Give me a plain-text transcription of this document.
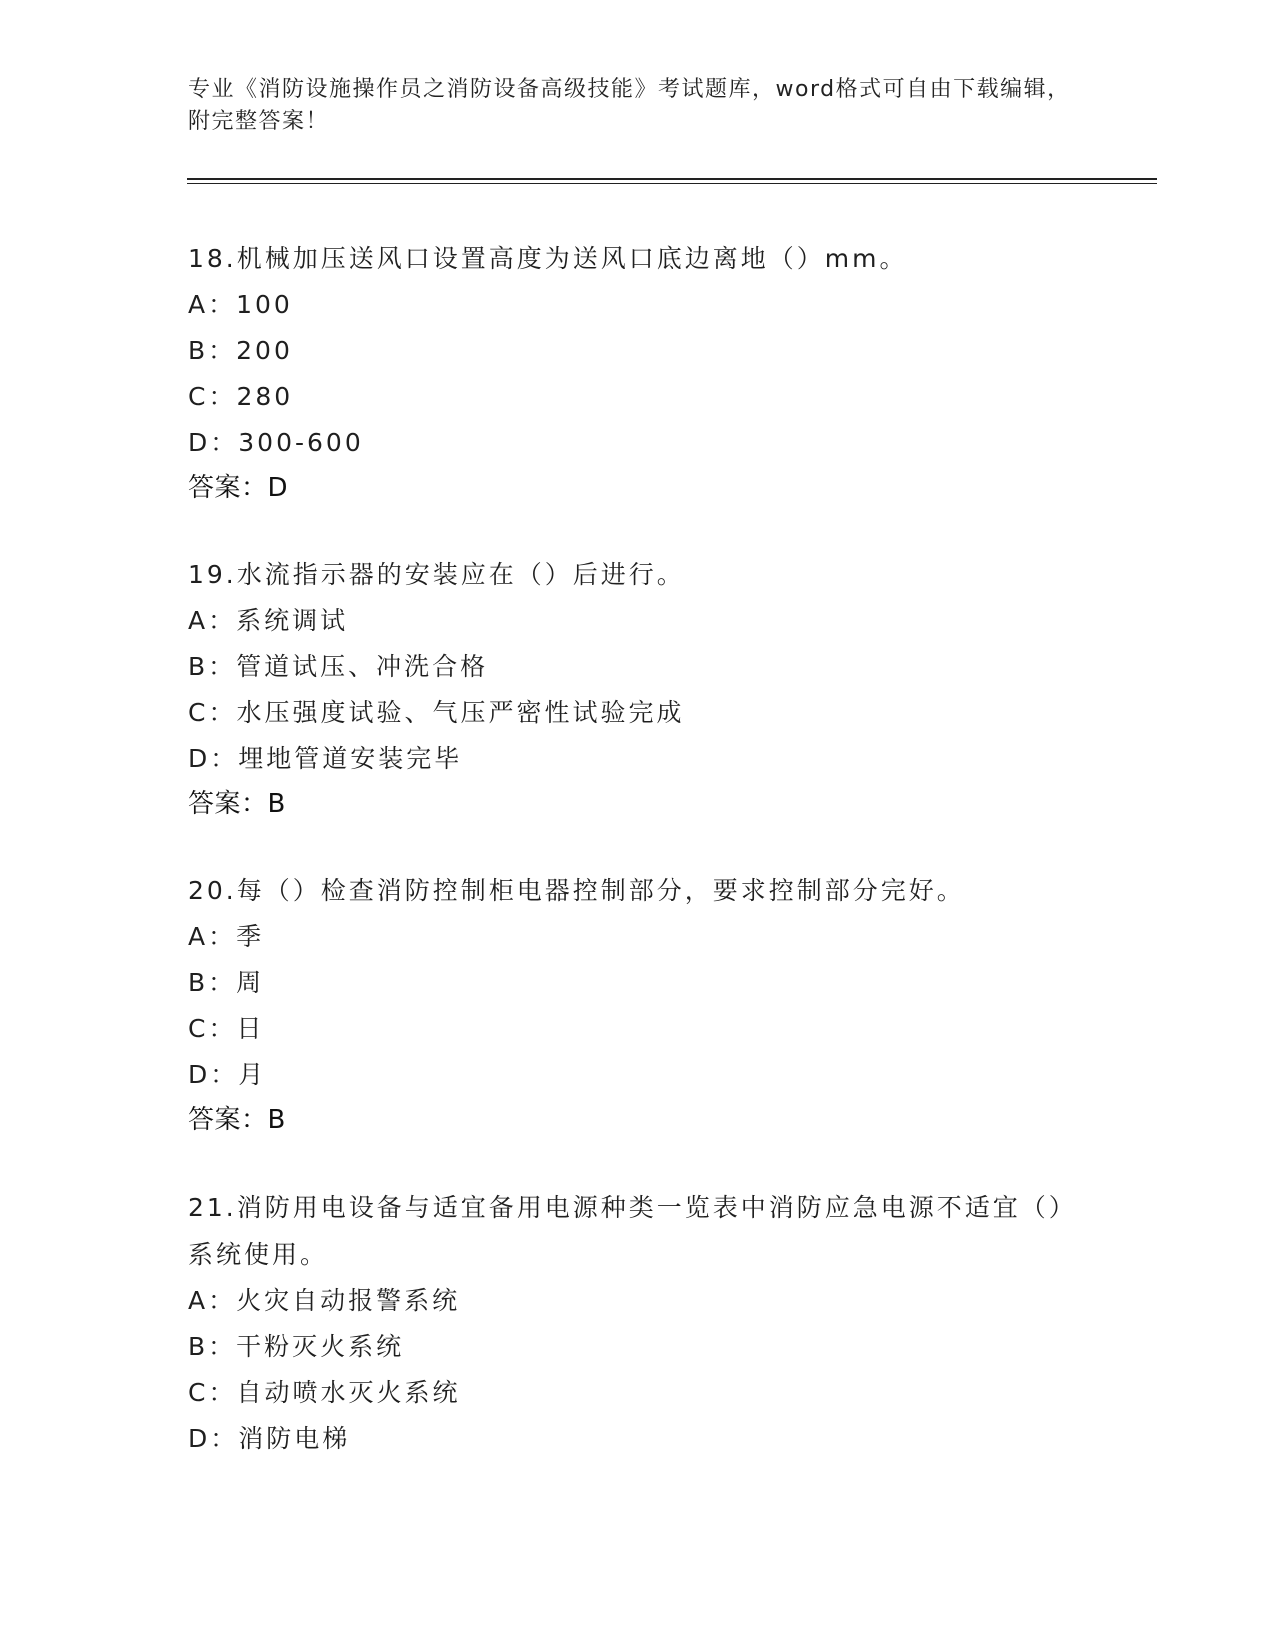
专业《消防设施操作员之消防设备高级技能》考试题库，word格式可自由下载编辑，附完整答案！

18.机械加压送风口设置高度为送风口底边离地（）mm。

A： 100
B： 200
C： 280
D： 300-600
答案：D

19.水流指示器的安装应在（）后进行。

A： 系统调试
B： 管道试压、冲洗合格
C： 水压强度试验、气压严密性试验完成
D： 埋地管道安装完毕
答案：B

20.每（）检查消防控制柜电器控制部分，要求控制部分完好。

A： 季
B： 周
C： 日
D： 月
答案：B

21.消防用电设备与适宜备用电源种类一览表中消防应急电源不适宜（）系统使用。

A： 火灾自动报警系统
B： 干粉灭火系统
C： 自动喷水灭火系统
D： 消防电梯
